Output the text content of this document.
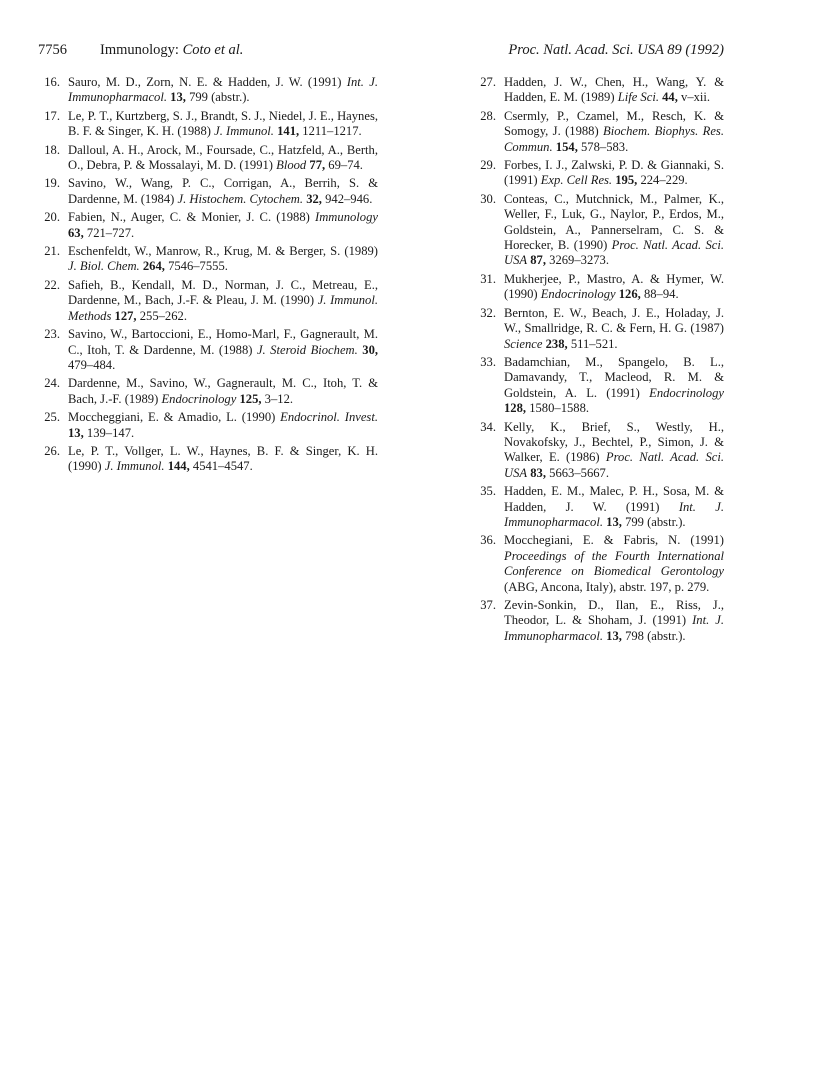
7756 Immunology: Coto et al.	Proc. Natl. Acad. Sci. USA 89 (1992)
16. Sauro, M. D., Zorn, N. E. & Hadden, J. W. (1991) Int. J. Immunopharmacol. 13, 799 (abstr.).
17. Le, P. T., Kurtzberg, S. J., Brandt, S. J., Niedel, J. E., Haynes, B. F. & Singer, K. H. (1988) J. Immunol. 141, 1211–1217.
18. Dalloul, A. H., Arock, M., Foursade, C., Hatzfeld, A., Berth, O., Debra, P. & Mossalayi, M. D. (1991) Blood 77, 69–74.
19. Savino, W., Wang, P. C., Corrigan, A., Berrih, S. & Dardenne, M. (1984) J. Histochem. Cytochem. 32, 942–946.
20. Fabien, N., Auger, C. & Monier, J. C. (1988) Immunology 63, 721–727.
21. Eschenfeldt, W., Manrow, R., Krug, M. & Berger, S. (1989) J. Biol. Chem. 264, 7546–7555.
22. Safieh, B., Kendall, M. D., Norman, J. C., Metreau, E., Dardenne, M., Bach, J.-F. & Pleau, J. M. (1990) J. Immunol. Methods 127, 255–262.
23. Savino, W., Bartoccioni, E., Homo-Marl, F., Gagnerault, M. C., Itoh, T. & Dardenne, M. (1988) J. Steroid Biochem. 30, 479–484.
24. Dardenne, M., Savino, W., Gagnerault, M. C., Itoh, T. & Bach, J.-F. (1989) Endocrinology 125, 3–12.
25. Moccheggiani, E. & Amadio, L. (1990) Endocrinol. Invest. 13, 139–147.
26. Le, P. T., Vollger, L. W., Haynes, B. F. & Singer, K. H. (1990) J. Immunol. 144, 4541–4547.
27. Hadden, J. W., Chen, H., Wang, Y. & Hadden, E. M. (1989) Life Sci. 44, v–xii.
28. Csermly, P., Czamel, M., Resch, K. & Somogy, J. (1988) Biochem. Biophys. Res. Commun. 154, 578–583.
29. Forbes, I. J., Zalwski, P. D. & Giannaki, S. (1991) Exp. Cell Res. 195, 224–229.
30. Conteas, C., Mutchnick, M., Palmer, K., Weller, F., Luk, G., Naylor, P., Erdos, M., Goldstein, A., Pannerselram, C. S. & Horecker, B. (1990) Proc. Natl. Acad. Sci. USA 87, 3269–3273.
31. Mukherjee, P., Mastro, A. & Hymer, W. (1990) Endocrinology 126, 88–94.
32. Bernton, E. W., Beach, J. E., Holaday, J. W., Smallridge, R. C. & Fern, H. G. (1987) Science 238, 511–521.
33. Badamchian, M., Spangelo, B. L., Damavandy, T., Macleod, R. M. & Goldstein, A. L. (1991) Endocrinology 128, 1580–1588.
34. Kelly, K., Brief, S., Westly, H., Novakofsky, J., Bechtel, P., Simon, J. & Walker, E. (1986) Proc. Natl. Acad. Sci. USA 83, 5663–5667.
35. Hadden, E. M., Malec, P. H., Sosa, M. & Hadden, J. W. (1991) Int. J. Immunopharmacol. 13, 799 (abstr.).
36. Mocchegiani, E. & Fabris, N. (1991) Proceedings of the Fourth International Conference on Biomedical Gerontology (ABG, Ancona, Italy), abstr. 197, p. 279.
37. Zevin-Sonkin, D., Ilan, E., Riss, J., Theodor, L. & Shoham, J. (1991) Int. J. Immunopharmacol. 13, 798 (abstr.).
